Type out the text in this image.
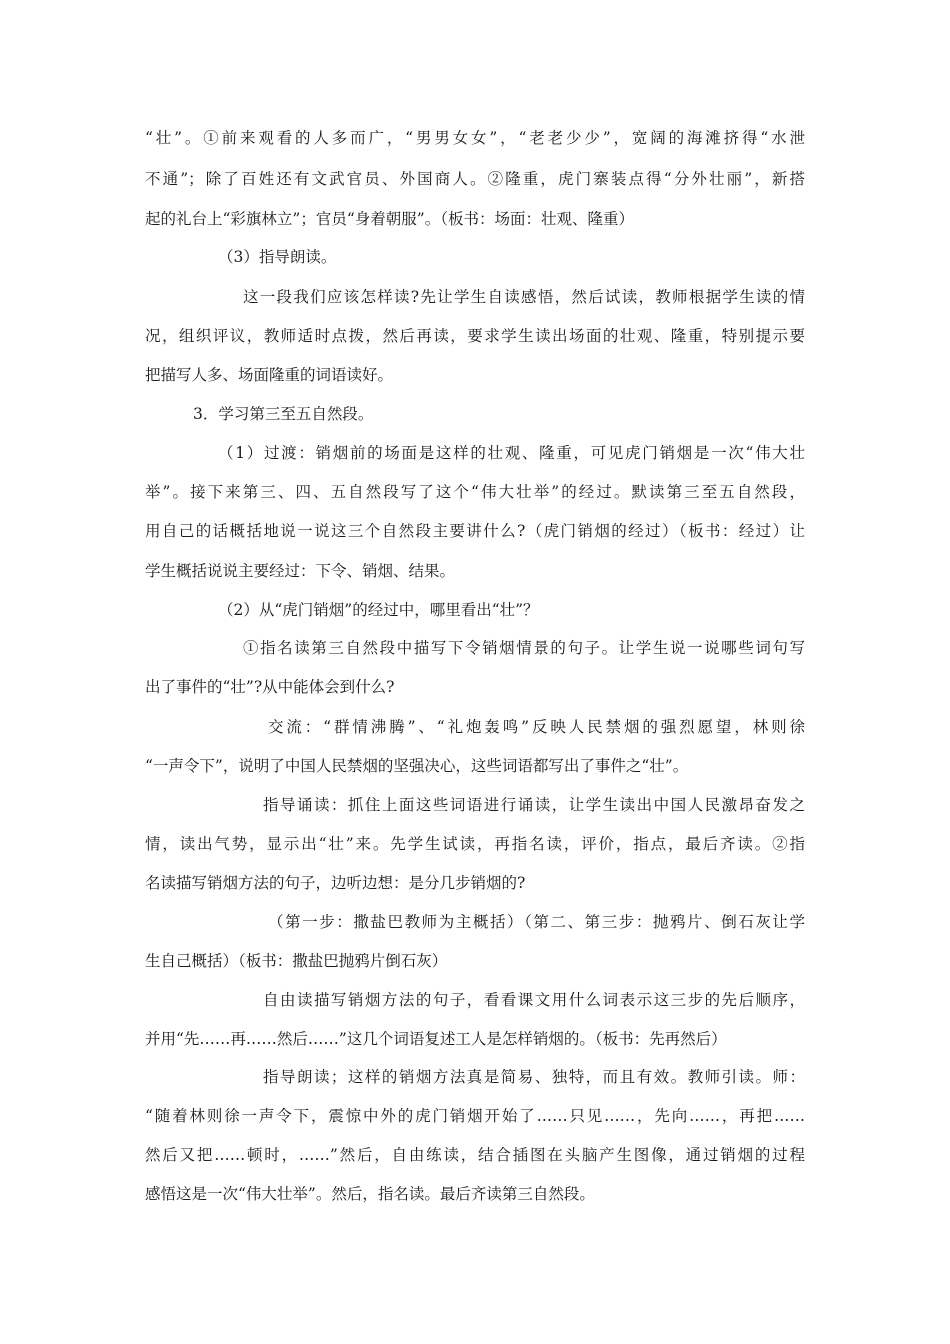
“壮”。①前来观看的人多而广，“男男女女”，“老老少少”，宽阔的海滩挤得“水泄
不通”；除了百姓还有文武官员、外国商人。②隆重，虎门寨装点得“分外壮丽”，新搭
起的礼台上“彩旗林立”；官员“身着朝服”。（板书：场面：壮观、隆重）
（3）指导朗读。
这一段我们应该怎样读?先让学生自读感悟，然后试读，教师根据学生读的情
况，组织评议，教师适时点拨，然后再读，要求学生读出场面的壮观、隆重，特别提示要
把描写人多、场面隆重的词语读好。
3．学习第三至五自然段。
（1）过渡：销烟前的场面是这样的壮观、隆重，可见虎门销烟是一次“伟大壮
举”。接下来第三、四、五自然段写了这个“伟大壮举”的经过。默读第三至五自然段，
用自己的话概括地说一说这三个自然段主要讲什么?（虎门销烟的经过）（板书：经过）让
学生概括说说主要经过：下令、销烟、结果。
（2）从“虎门销烟”的经过中，哪里看出“壮”？
①指名读第三自然段中描写下令销烟情景的句子。让学生说一说哪些词句写
出了事件的“壮”?从中能体会到什么?
交流：“群情沸腾”、“礼炮轰鸣”反映人民禁烟的强烈愿望，林则徐
“一声令下”，说明了中国人民禁烟的坚强决心，这些词语都写出了事件之“壮”。
指导诵读：抓住上面这些词语进行诵读，让学生读出中国人民激昂奋发之
情，读出气势，显示出“壮”来。先学生试读，再指名读，评价，指点，最后齐读。②指
名读描写销烟方法的句子，边听边想：是分几步销烟的?
（第一步：撒盐巴教师为主概括）（第二、第三步：抛鸦片、倒石灰让学
生自己概括）（板书：撒盐巴抛鸦片倒石灰）
自由读描写销烟方法的句子，看看课文用什么词表示这三步的先后顺序，
并用“先……再……然后……”这几个词语复述工人是怎样销烟的。（板书：先再然后）
指导朗读；这样的销烟方法真是简易、独特，而且有效。教师引读。师：
“随着林则徐一声令下，震惊中外的虎门销烟开始了……只见……，先向……，再把……
然后又把……顿时，……”然后，自由练读，结合插图在头脑产生图像，通过销烟的过程
感悟这是一次“伟大壮举”。然后，指名读。最后齐读第三自然段。
